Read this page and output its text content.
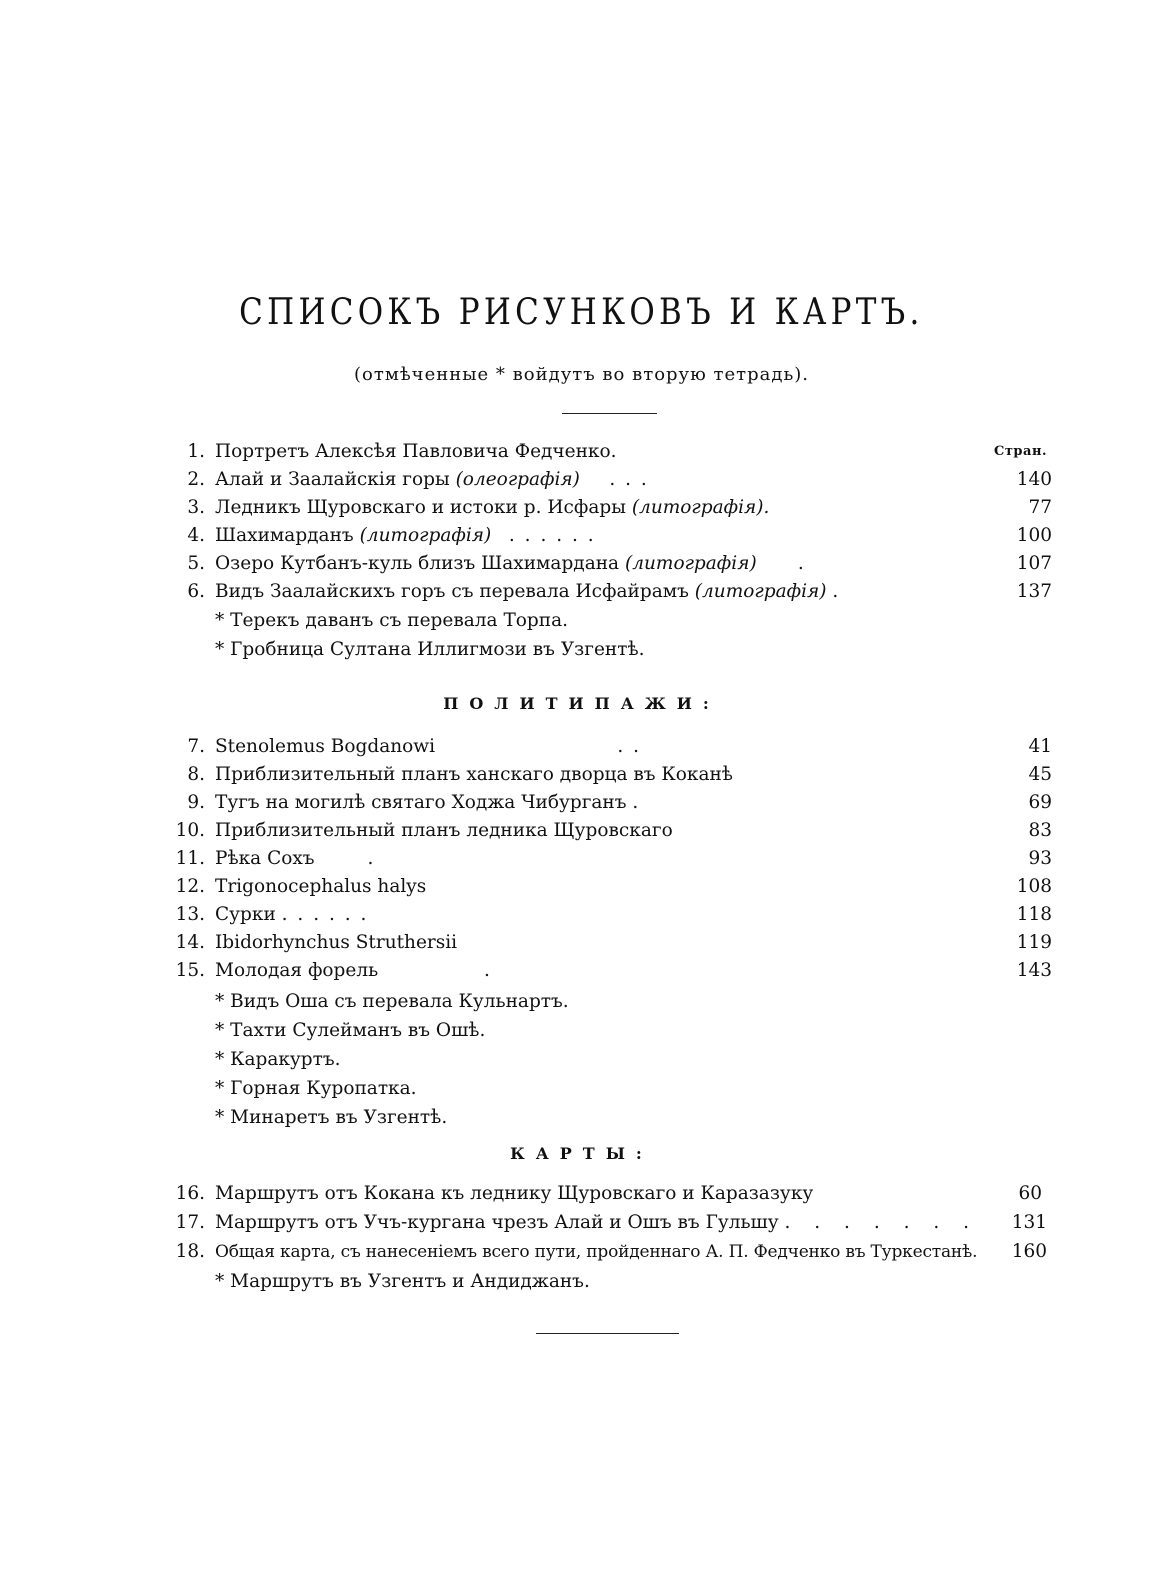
СПИСОКЪ РИСУНКОВЪ И КАРТЪ.
(отмѣченные * войдутъ во вторую тетрадь).
1. Портретъ Алексѣя Павловича Федченко.	Стран.
2. Алай и Заалайскія горы (олеографія) . . .	140
3. Ледникъ Щуровскаго и истоки р. Исфары (литографія).	77
4. Шахимарданъ (литографія) . . . . . .	100
5. Озеро Кутбанъ-куль близъ Шахимардана (литографія) .	107
6. Видъ Заалайскихъ горъ съ перевала Исфайрамъ (литографія) .	137
* Терекъ даванъ съ перевала Торпа.
* Гробница Султана Иллигмози въ Узгентѣ.
ПОЛИТИПАЖИ:
7. Stenolemus Bogdanowi	. .	41
8. Приблизительный планъ ханскаго дворца въ Коканѣ	45
9. Тугъ на могилѣ святаго Ходжа Чибурганъ .	69
10. Приблизительный планъ ледника Щуровскаго	83
11. Рѣка Сохъ	.	93
12. Trigonocephalus halys	108
13. Сурки . . . . . .	118
14. Ibidorhynchus Struthersii	119
15. Молодая форель	.	143
* Видъ Оша съ перевала Кульнартъ.
* Тахти Сулейманъ въ Ошѣ.
* Каракуртъ.
* Горная Куропатка.
* Минаретъ въ Узгентѣ.
КАРТЫ:
16. Маршрутъ отъ Кокана къ леднику Щуровскаго и Каразазуку	60
17. Маршрутъ отъ Учъ-кургана чрезъ Алай и Ошъ въ Гульшу . . . . . . . 131
18. Общая карта, съ нанесеніемъ всего пути, пройденнаго А. П. Федченко въ Туркестанѣ. 160
* Маршрутъ въ Узгентъ и Андиджанъ.
